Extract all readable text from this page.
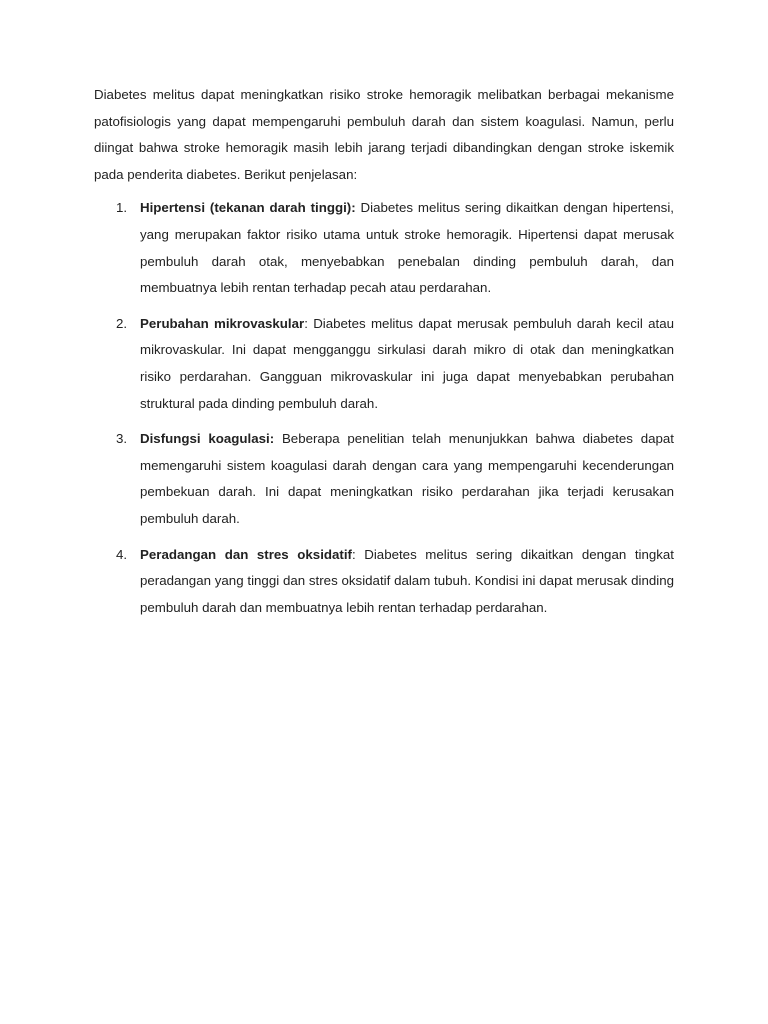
Diabetes melitus dapat meningkatkan risiko stroke hemoragik melibatkan berbagai mekanisme patofisiologis yang dapat mempengaruhi pembuluh darah dan sistem koagulasi. Namun, perlu diingat bahwa stroke hemoragik masih lebih jarang terjadi dibandingkan dengan stroke iskemik pada penderita diabetes. Berikut penjelasan:

1. Hipertensi (tekanan darah tinggi): Diabetes melitus sering dikaitkan dengan hipertensi, yang merupakan faktor risiko utama untuk stroke hemoragik. Hipertensi dapat merusak pembuluh darah otak, menyebabkan penebalan dinding pembuluh darah, dan membuatnya lebih rentan terhadap pecah atau perdarahan.
2. Perubahan mikrovaskular: Diabetes melitus dapat merusak pembuluh darah kecil atau mikrovaskular. Ini dapat mengganggu sirkulasi darah mikro di otak dan meningkatkan risiko perdarahan. Gangguan mikrovaskular ini juga dapat menyebabkan perubahan struktural pada dinding pembuluh darah.
3. Disfungsi koagulasi: Beberapa penelitian telah menunjukkan bahwa diabetes dapat memengaruhi sistem koagulasi darah dengan cara yang mempengaruhi kecenderungan pembekuan darah. Ini dapat meningkatkan risiko perdarahan jika terjadi kerusakan pembuluh darah.
4. Peradangan dan stres oksidatif: Diabetes melitus sering dikaitkan dengan tingkat peradangan yang tinggi dan stres oksidatif dalam tubuh. Kondisi ini dapat merusak dinding pembuluh darah dan membuatnya lebih rentan terhadap perdarahan.
